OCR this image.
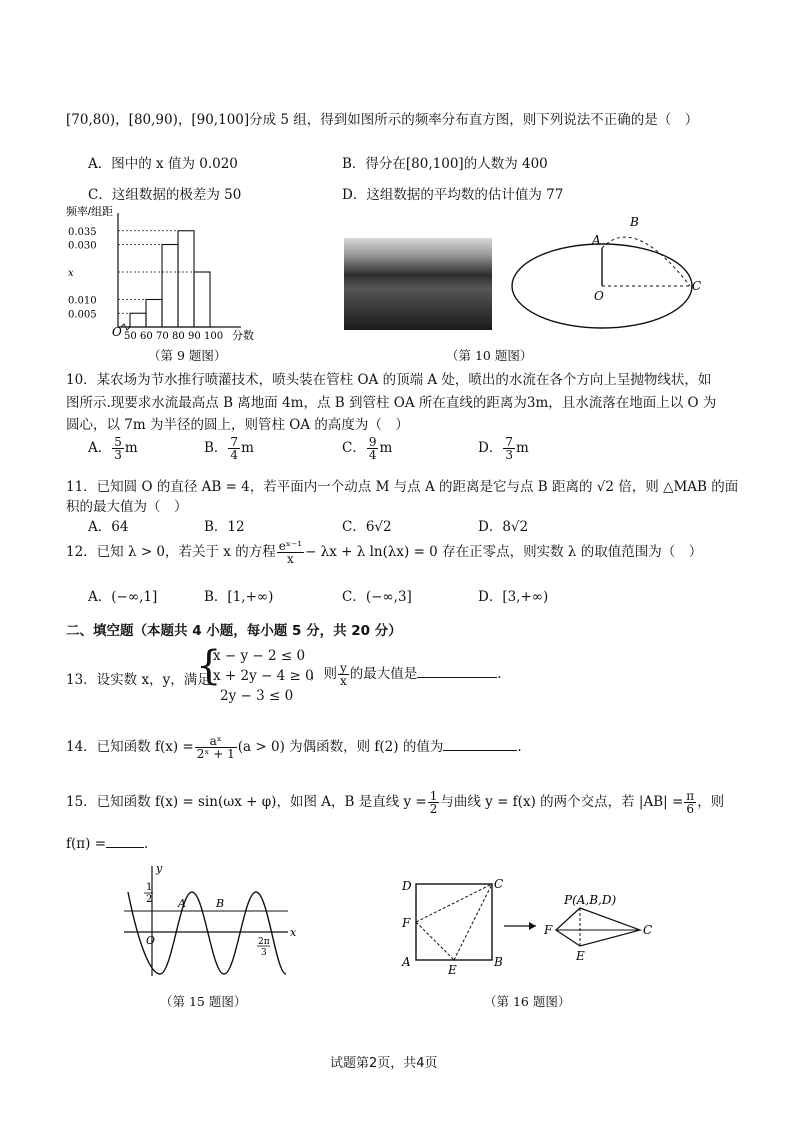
[70,80)，[80,90)，[90,100]分成 5 组，得到如图所示的频率分布直方图，则下列说法不正确的是（　）
A．图中的 x 值为 0.020	B．得分在[80,100]的人数为 400
C．这组数据的极差为 50	D．这组数据的平均数的估计值为 77
频率/组距
O	分数
0.035
0.030
x
0.010
0.005
50 60 70 80 90 100
A
B
C
O
（第 9 题图）	（第 10 题图）
10．某农场为节水推行喷灌技术，喷头装在管柱 OA 的顶端 A 处，喷出的水流在各个方向上呈抛物线状，如
图所示.现要求水流最高点 B 离地面 4m，点 B 到管柱 OA 所在直线的距离为3m，且水流落在地面上以 O 为
圆心，以 7m 为半径的圆上，则管柱 OA 的高度为（　）
A． $\frac{5}{3}$ m	B． $\frac{7}{4}$ m	C． $\frac{9}{4}$ m	D． $\frac{7}{3}$ m
11．已知圆 O 的直径 AB = 4，若平面内一个动点 M 与点 A 的距离是它与点 B 距离的 √2 倍，则 △MAB 的面
积的最大值为（　）
A．64	B．12	C．6√2	D．8√2
12．已知 λ > 0，若关于 x 的方程 $\frac{\text{eˣ⁻¹}}{x} - \lambda x + \lambda$ ln(λx) = 0 存在正零点，则实数 λ 的取值范围为（　）
A．(−∞,1]	B．[1,+∞)	C．(−∞,3]	D．[3,+∞)
二、填空题（本题共 4 小题，每小题 5 分，共 20 分）
13．设实数 x，y，满足
{
x − y − 2 ≤ 0
x + 2y − 4 ≥ 0
2y − 3 ≤ 0
，则 $\frac{y}{x}$ 的最大值是	.
14．已知函数 $f(x) = \frac{\text{aˣ}}{\text{2ˣ + 1}} (a > 0)$ 为偶函数，则 f(2) 的值为	.
15．已知函数 f(x) = sin(ωx + φ)，如图 A，B 是直线 $y = \frac{1}{2}$ 与曲线 y = f(x) 的两个交点，若 $|AB| = \frac{\pi}{6}$ ，则
f(π) =	.
y
x
O
1
2 A	B
2π
3
D	C
F
A
E
B
P(A,B,D)
F	C
E
（第 15 题图）	（第 16 题图）
试题第2页，共4页
